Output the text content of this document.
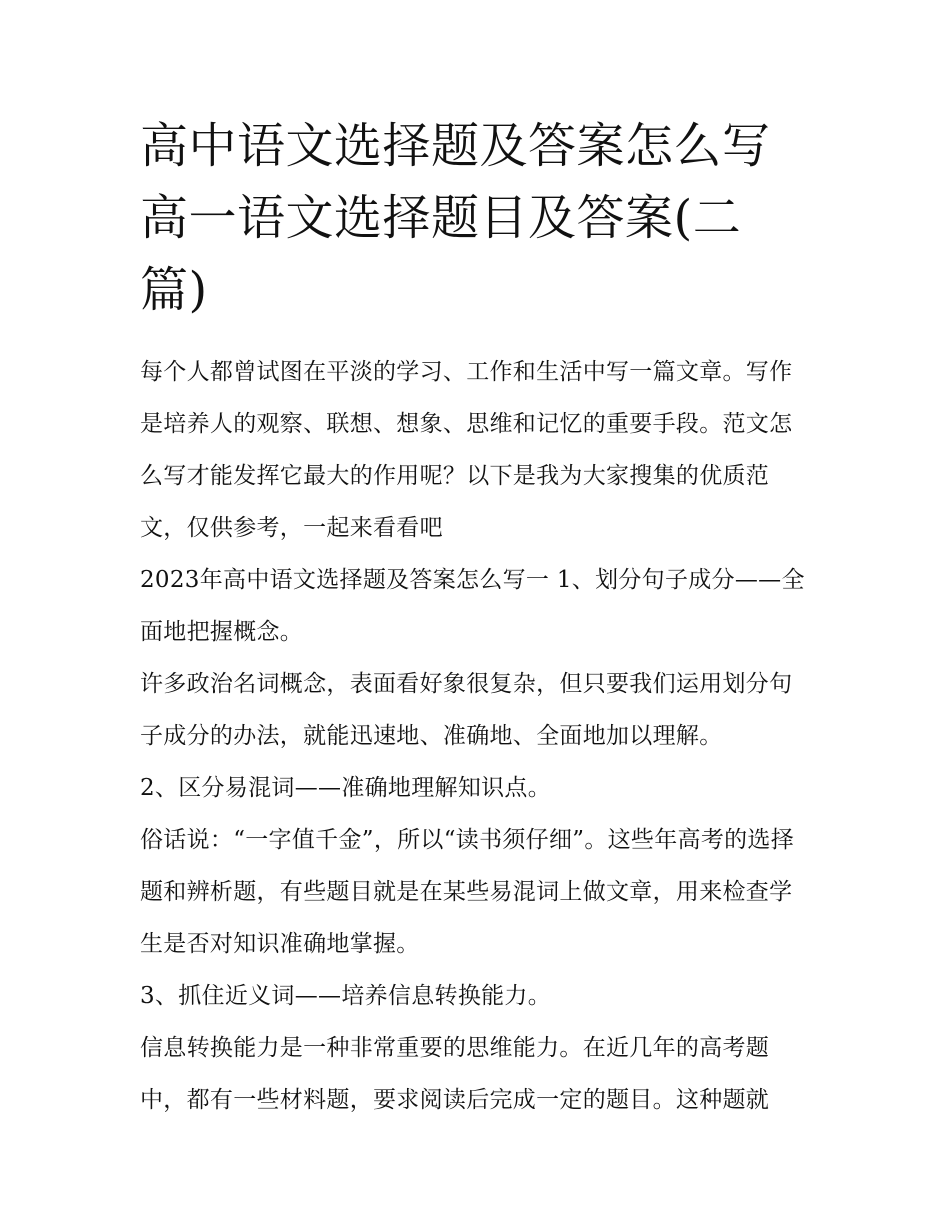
高中语文选择题及答案怎么写
高一语文选择题目及答案(二
篇)

每个人都曾试图在平淡的学习、工作和生活中写一篇文章。写作是培养人的观察、联想、想象、思维和记忆的重要手段。范文怎么写才能发挥它最大的作用呢？以下是我为大家搜集的优质范文，仅供参考，一起来看看吧

2023年高中语文选择题及答案怎么写一 1、划分句子成分——全面地把握概念。

许多政治名词概念，表面看好象很复杂，但只要我们运用划分句子成分的办法，就能迅速地、准确地、全面地加以理解。

2、区分易混词——准确地理解知识点。

俗话说：“一字值千金”，所以“读书须仔细”。这些年高考的选择题和辨析题，有些题目就是在某些易混词上做文章，用来检查学生是否对知识准确地掌握。

3、抓住近义词——培养信息转换能力。

信息转换能力是一种非常重要的思维能力。在近几年的高考题中，都有一些材料题，要求阅读后完成一定的题目。这种题就
